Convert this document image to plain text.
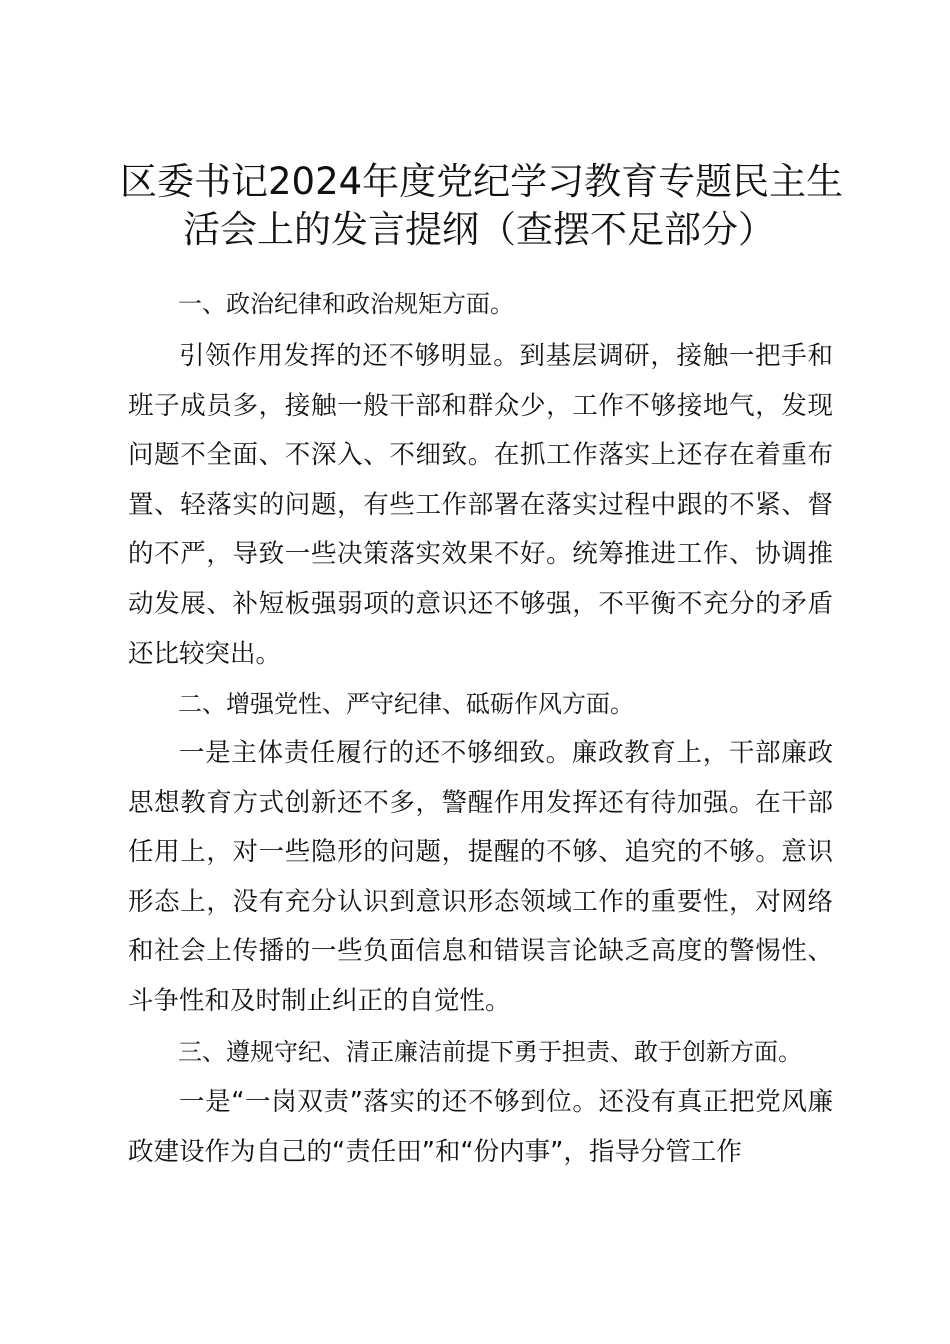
区委书记2024年度党纪学习教育专题民主生
活会上的发言提纲（查摆不足部分）
一、政治纪律和政治规矩方面。
引领作用发挥的还不够明显。到基层调研，接触一把手和班子成员多，接触一般干部和群众少，工作不够接地气，发现问题不全面、不深入、不细致。在抓工作落实上还存在着重布置、轻落实的问题，有些工作部署在落实过程中跟的不紧、督的不严，导致一些决策落实效果不好。统筹推进工作、协调推动发展、补短板强弱项的意识还不够强，不平衡不充分的矛盾还比较突出。
二、增强党性、严守纪律、砥砺作风方面。
一是主体责任履行的还不够细致。廉政教育上，干部廉政思想教育方式创新还不多，警醒作用发挥还有待加强。在干部任用上，对一些隐形的问题，提醒的不够、追究的不够。意识形态上，没有充分认识到意识形态领域工作的重要性，对网络和社会上传播的一些负面信息和错误言论缺乏高度的警惕性、斗争性和及时制止纠正的自觉性。
三、遵规守纪、清正廉洁前提下勇于担责、敢于创新方面。
一是“一岗双责”落实的还不够到位。还没有真正把党风廉政建设作为自己的“责任田”和“份内事”，指导分管工作
